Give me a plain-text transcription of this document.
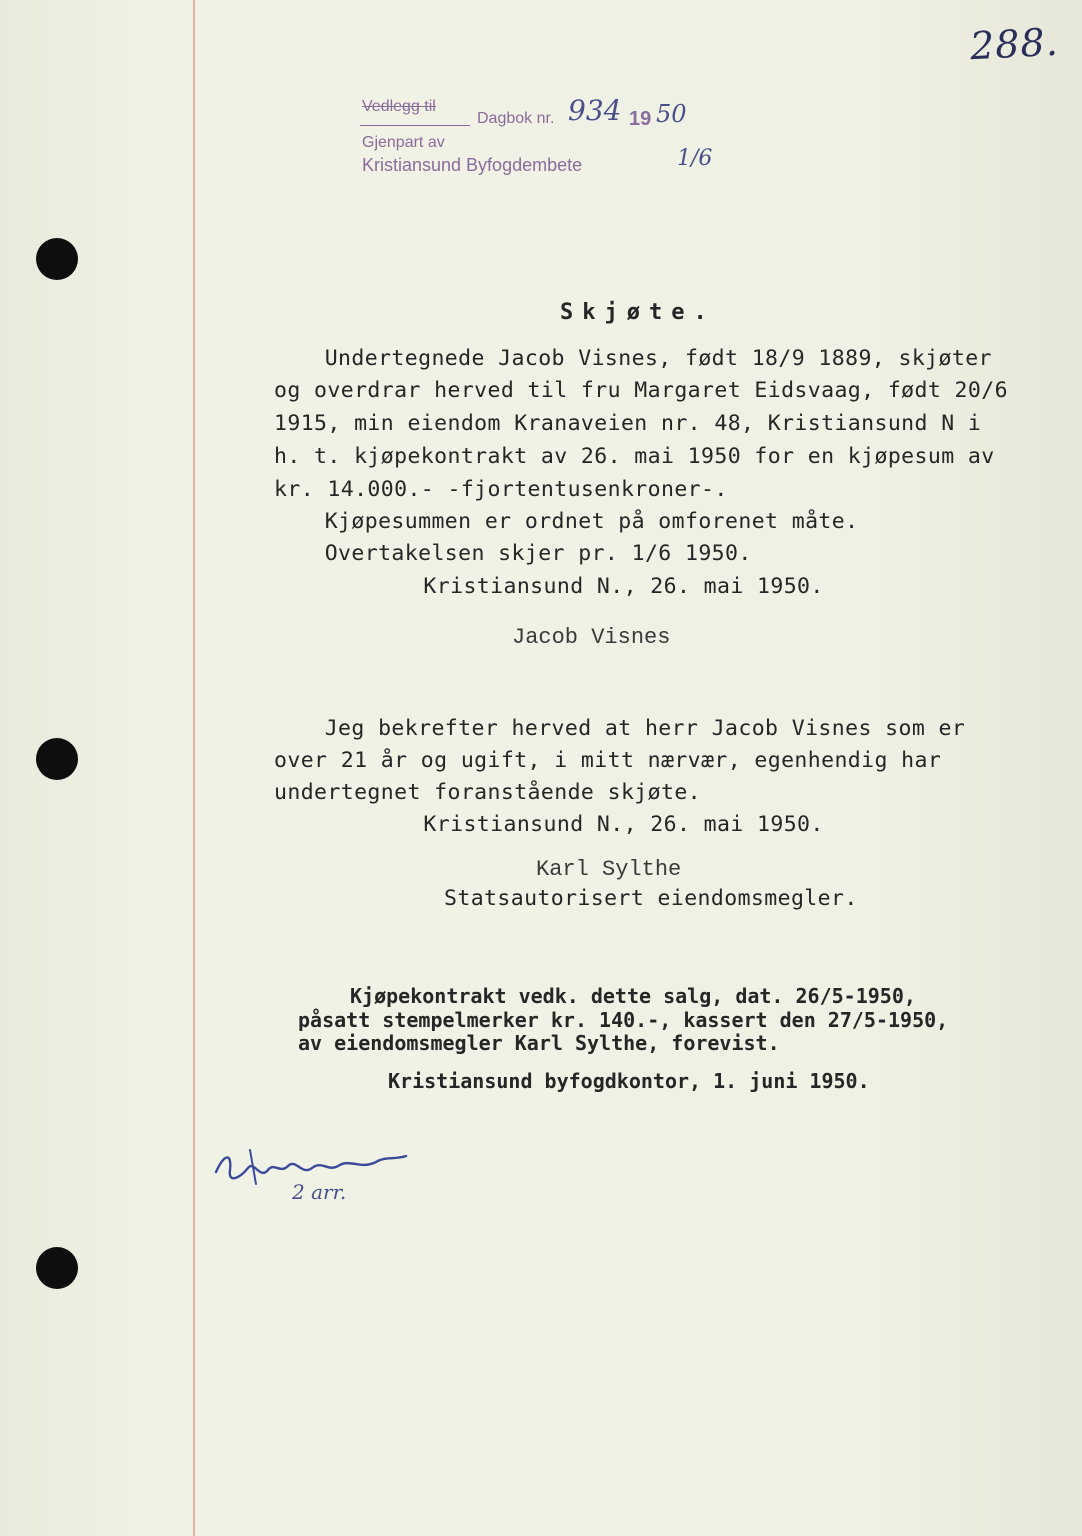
288.
Vedlegg til
Dagbok nr. 934 19 50
Gjenpart av
Kristiansund Byfogdembete	1/6
Skjøte.
Undertegnede Jacob Visnes, født 18/9 1889, skjøter
og overdrar herved til fru Margaret Eidsvaag, født 20/6
1915, min eiendom Kranaveien nr. 48, Kristiansund N i
h. t. kjøpekontrakt av 26. mai 1950 for en kjøpesum av
kr. 14.000.- -fjortentusenkroner-.
Kjøpesummen er ordnet på omforenet måte.
Overtakelsen skjer pr. 1/6 1950.
Kristiansund N., 26. mai 1950.
Jacob Visnes
Jeg bekrefter herved at herr Jacob Visnes som er
over 21 år og ugift, i mitt nærvær, egenhendig har
undertegnet foranstående skjøte.
Kristiansund N., 26. mai 1950.
Karl Sylthe
Statsautorisert eiendomsmegler.
Kjøpekontrakt vedk. dette salg, dat. 26/5-1950,
påsatt stempelmerker kr. 140.-, kassert den 27/5-1950,
av eiendomsmegler Karl Sylthe, forevist.
Kristiansund byfogdkontor, 1. juni 1950.
2 arr.
